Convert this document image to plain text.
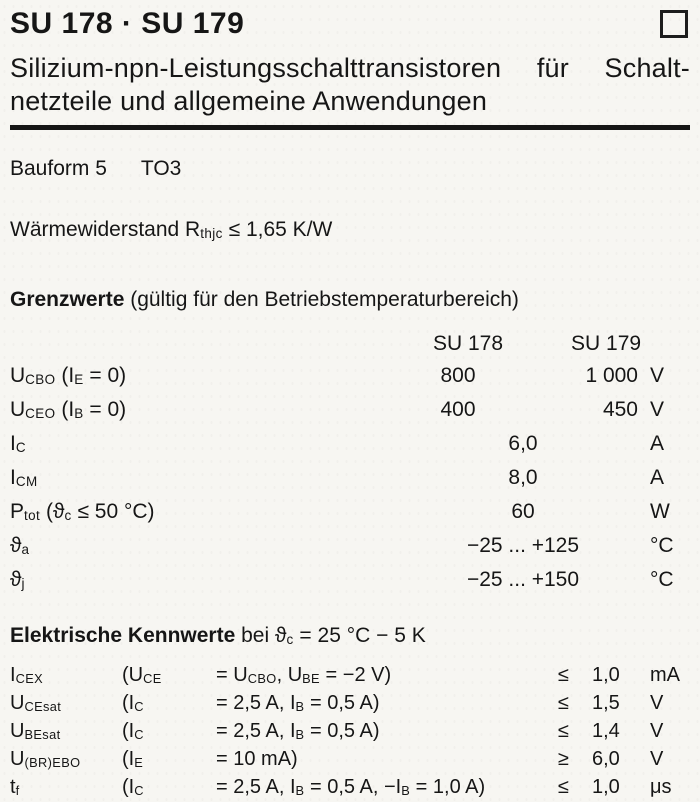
SU 178 · SU 179
Silizium-npn-Leistungsschalttransistoren für Schalt-
netzteile und allgemeine Anwendungen
Bauform 5 TO3
Wärmewiderstand Rthjc ≤ 1,65 K/W
Grenzwerte (gültig für den Betriebstemperaturbereich)
SU 178	SU 179
UCBO (IE = 0)	800	1 000 V
UCEO (IB = 0)	400	450 V
IC	6,0	A
ICM	8,0	A
Ptot (ϑc ≤ 50 °C)	60	W
ϑa	−25 ... +125	°C
ϑj	−25 ... +150	°C
Elektrische Kennwerte bei ϑc = 25 °C − 5 K
ICEX	(UCE	= UCBO, UBE = −2 V)	≤	1,0	mA
UCEsat	(IC	= 2,5 A, IB = 0,5 A)	≤	1,5	V
UBEsat	(IC	= 2,5 A, IB = 0,5 A)	≤	1,4	V
U(BR)EBO	(IE	= 10 mA)	≥	6,0	V
tf	(IC	= 2,5 A, IB = 0,5 A, −IB = 1,0 A)	≤	1,0	μs
